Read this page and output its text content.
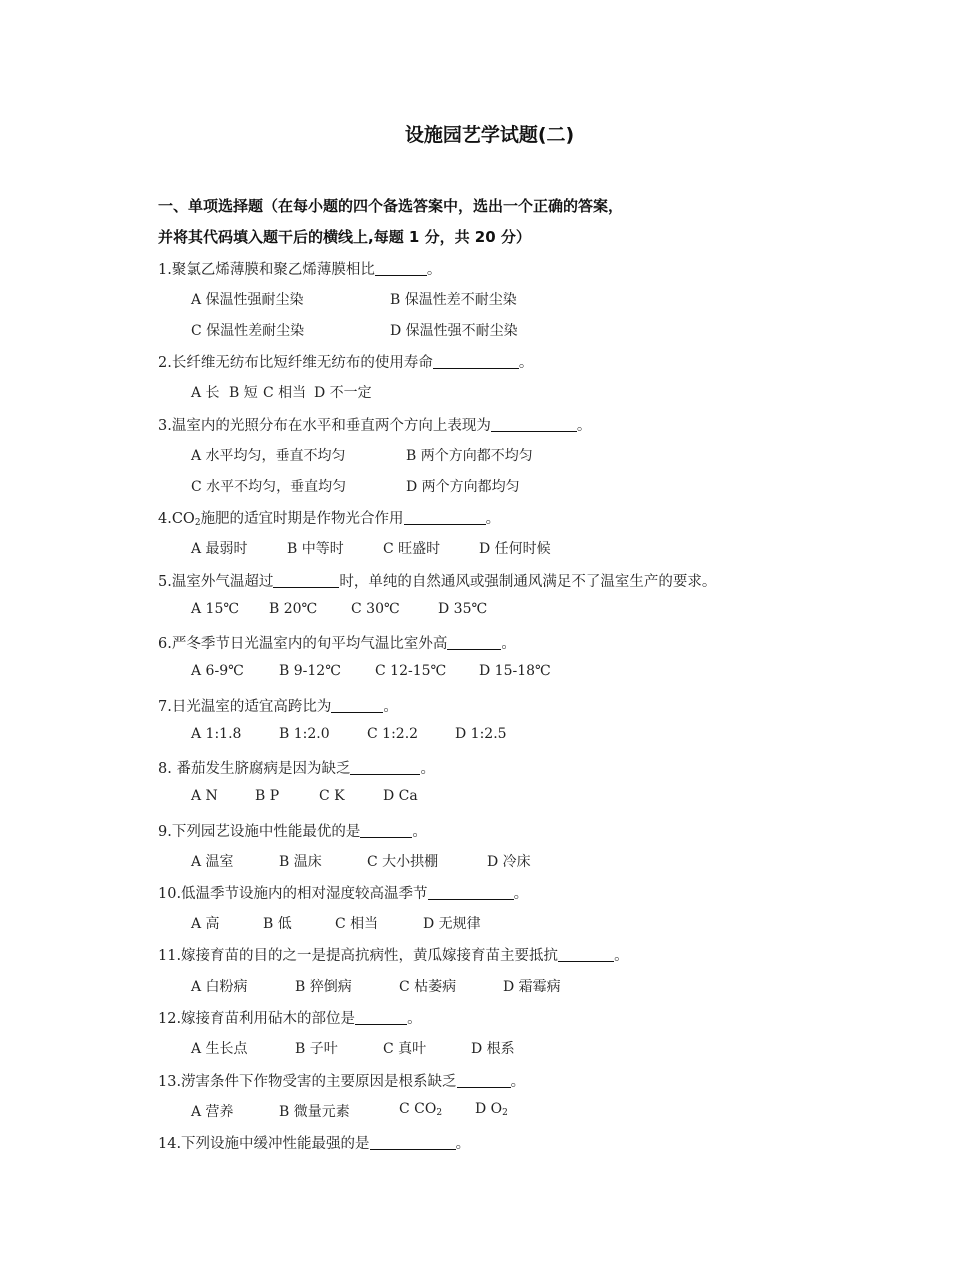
设施园艺学试题(二)
一、单项选择题（在每小题的四个备选答案中，选出一个正确的答案，
并将其代码填入题干后的横线上,每题 1 分，共 20 分）
1.聚氯乙烯薄膜和聚乙烯薄膜相比	。
A 保温性强耐尘染	B 保温性差不耐尘染
C 保温性差耐尘染	D 保温性强不耐尘染
2.长纤维无纺布比短纤维无纺布的使用寿命	。
A 长 B 短 C 相当 D 不一定
3.温室内的光照分布在水平和垂直两个方向上表现为	。
A 水平均匀，垂直不均匀	B 两个方向都不均匀
C 水平不均匀，垂直均匀	D 两个方向都均匀
$4.CO_2$施肥的适宜时期是作物光合作用	。
A 最弱时	B 中等时	C 旺盛时	D 任何时候
5.温室外气温超过	时，单纯的自然通风或强制通风满足不了温室生产的要求。
A 15℃ B 20℃ C 30℃	D 35℃
6.严冬季节日光温室内的旬平均气温比室外高	。
A 6-9℃	B 9-12℃ C 12-15℃ D 15-18℃
7.日光温室的适宜高跨比为	。
A 1:1.8	B 1:2.0	C 1:2.2	D 1:2.5
8. 番茄发生脐腐病是因为缺乏	。
A N	B P	C K	D Ca
9.下列园艺设施中性能最优的是	。
A 温室	B 温床	C 大小拱棚	D 冷床
10.低温季节设施内的相对湿度较高温季节	。
A 高	B 低	C 相当	D 无规律
11.嫁接育苗的目的之一是提高抗病性，黄瓜嫁接育苗主要抵抗	。
A 白粉病	B 猝倒病	C 枯萎病	D 霜霉病
12.嫁接育苗利用砧木的部位是	。
A 生长点	B 子叶	C 真叶	D 根系
13.涝害条件下作物受害的主要原因是根系缺乏	。
A 营养	B 微量元素	C $CO_2$ D $O_2$
14.下列设施中缓冲性能最强的是	。
